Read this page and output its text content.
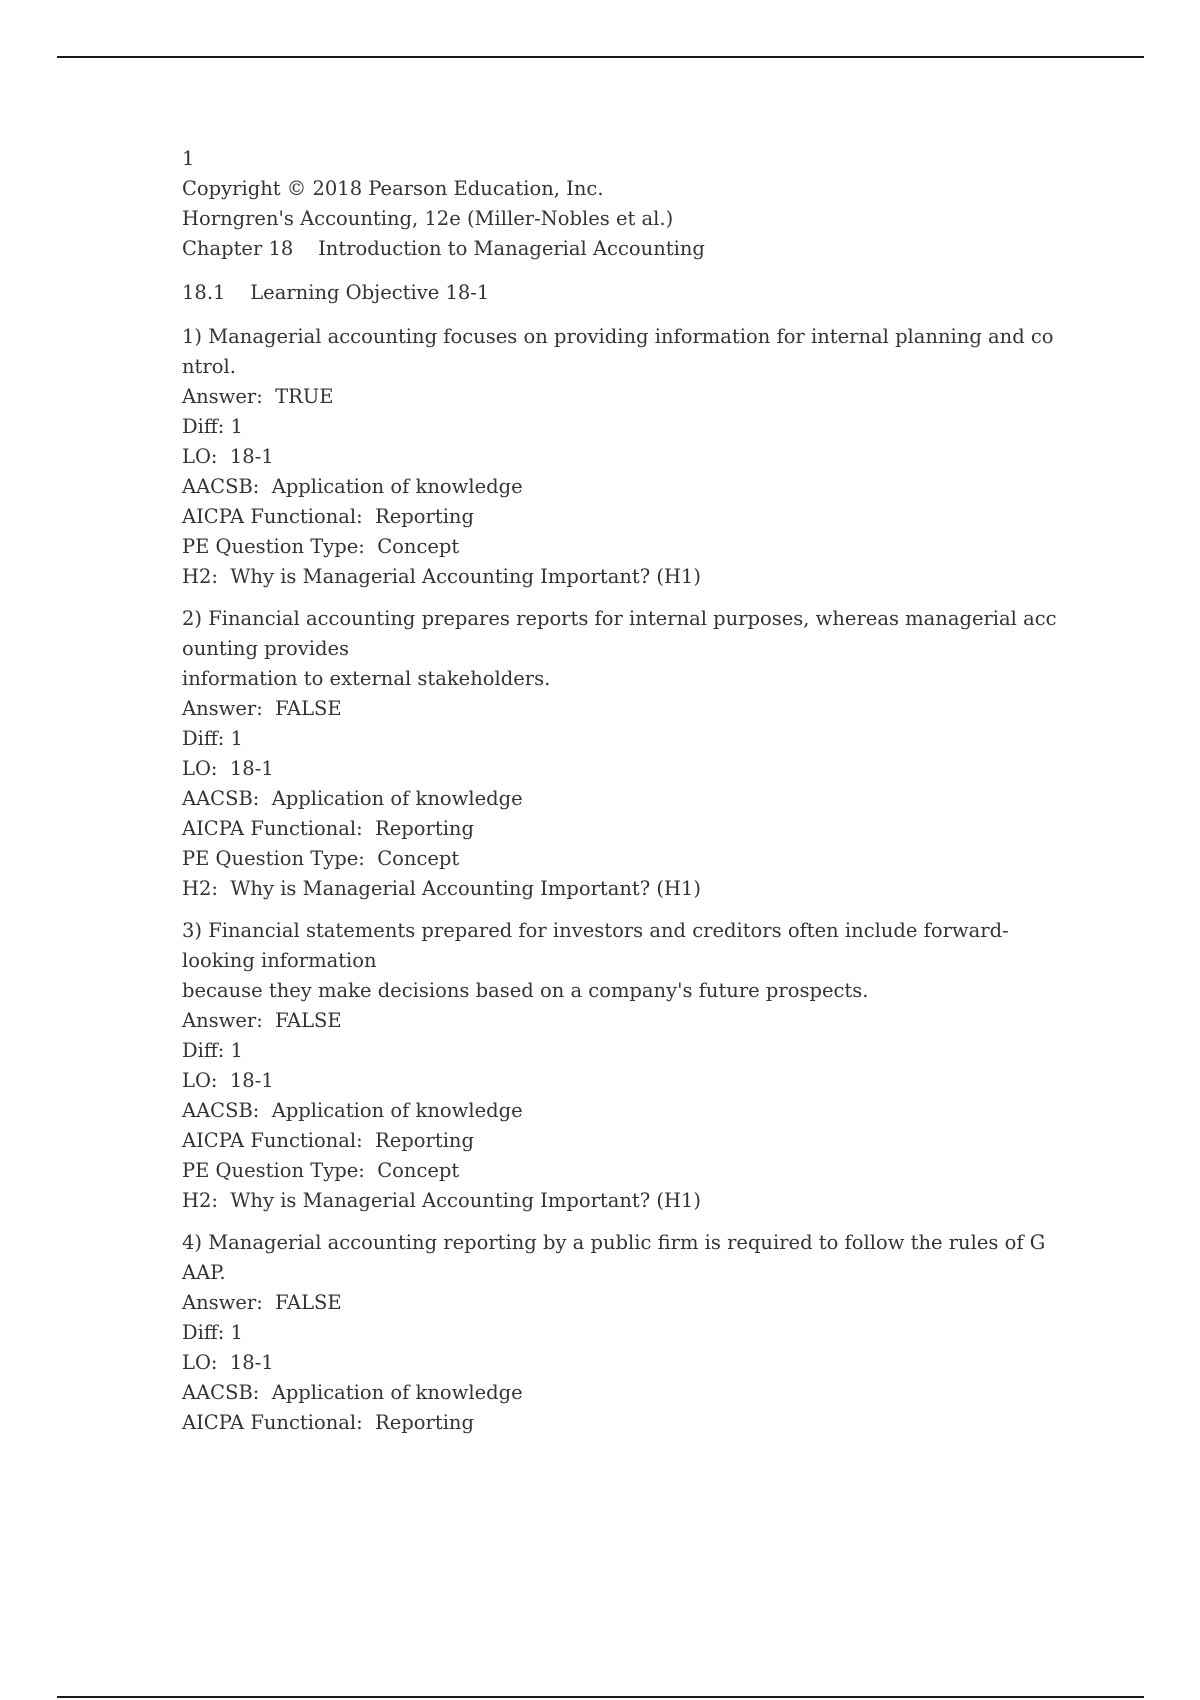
1
Copyright © 2018 Pearson Education, Inc.
Horngren's Accounting, 12e (Miller-Nobles et al.)
Chapter 18    Introduction to Managerial Accounting
18.1    Learning Objective 18-1
1) Managerial accounting focuses on providing information for internal planning and co
ntrol.
Answer:  TRUE
Diff: 1
LO:  18-1
AACSB:  Application of knowledge
AICPA Functional:  Reporting
PE Question Type:  Concept
H2:  Why is Managerial Accounting Important? (H1)
2) Financial accounting prepares reports for internal purposes, whereas managerial acc
ounting provides
information to external stakeholders.
Answer:  FALSE
Diff: 1
LO:  18-1
AACSB:  Application of knowledge
AICPA Functional:  Reporting
PE Question Type:  Concept
H2:  Why is Managerial Accounting Important? (H1)
3) Financial statements prepared for investors and creditors often include forward-
looking information
because they make decisions based on a company's future prospects.
Answer:  FALSE
Diff: 1
LO:  18-1
AACSB:  Application of knowledge
AICPA Functional:  Reporting
PE Question Type:  Concept
H2:  Why is Managerial Accounting Important? (H1)
4) Managerial accounting reporting by a public firm is required to follow the rules of G
AAP.
Answer:  FALSE
Diff: 1
LO:  18-1
AACSB:  Application of knowledge
AICPA Functional:  Reporting
